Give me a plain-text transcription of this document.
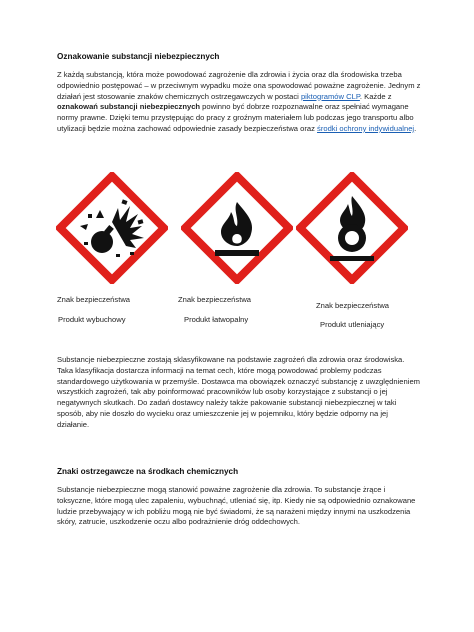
Oznakowanie substancji niebezpiecznych

Z każdą substancją, która może powodować zagrożenie dla zdrowia i życia oraz dla środowiska trzeba odpowiednio postępować – w przeciwnym wypadku może ona spowodować poważne zagrożenie. Jednym z działań jest stosowanie znaków chemicznych ostrzegawczych w postaci piktogramów CLP. Każde z oznakowań substancji niebezpiecznych powinno być dobrze rozpoznawalne oraz spełniać wymagane normy prawne. Dzięki temu przystępując do pracy z groźnym materiałem lub podczas jego transportu albo utylizacji będzie można zachować odpowiednie zasady bezpieczeństwa oraz środki ochrony indywidualnej.

Znak bezpieczeństwa

Produkt wybuchowy

Znak bezpieczeństwa

Produkt łatwopalny

Znak bezpieczeństwa

Produkt utleniający

Substancje niebezpieczne zostają sklasyfikowane na podstawie zagrożeń dla zdrowia oraz środowiska. Taka klasyfikacja dostarcza informacji na temat cech, które mogą powodować problemy podczas standardowego użytkowania w przemyśle. Dostawca ma obowiązek oznaczyć substancję z uwzględnieniem wszystkich zagrożeń, tak aby poinformować pracowników lub osoby korzystające z substancji o jej negatywnych skutkach. Do zadań dostawcy należy także pakowanie substancji niebezpiecznej w taki sposób, aby nie doszło do wycieku oraz umieszczenie jej w pojemniku, który będzie odporny na jej działanie.

Znaki ostrzegawcze na środkach chemicznych

Substancje niebezpieczne mogą stanowić poważne zagrożenie dla zdrowia. To substancje żrące i toksyczne, które mogą ulec zapaleniu, wybuchnąć, utleniać się, itp. Kiedy nie są odpowiednio oznakowane ludzie przebywający w ich pobliżu mogą nie być świadomi, że są narażeni między innymi na uszkodzenia skóry, zatrucie, uszkodzenie oczu albo podrażnienie dróg oddechowych.
